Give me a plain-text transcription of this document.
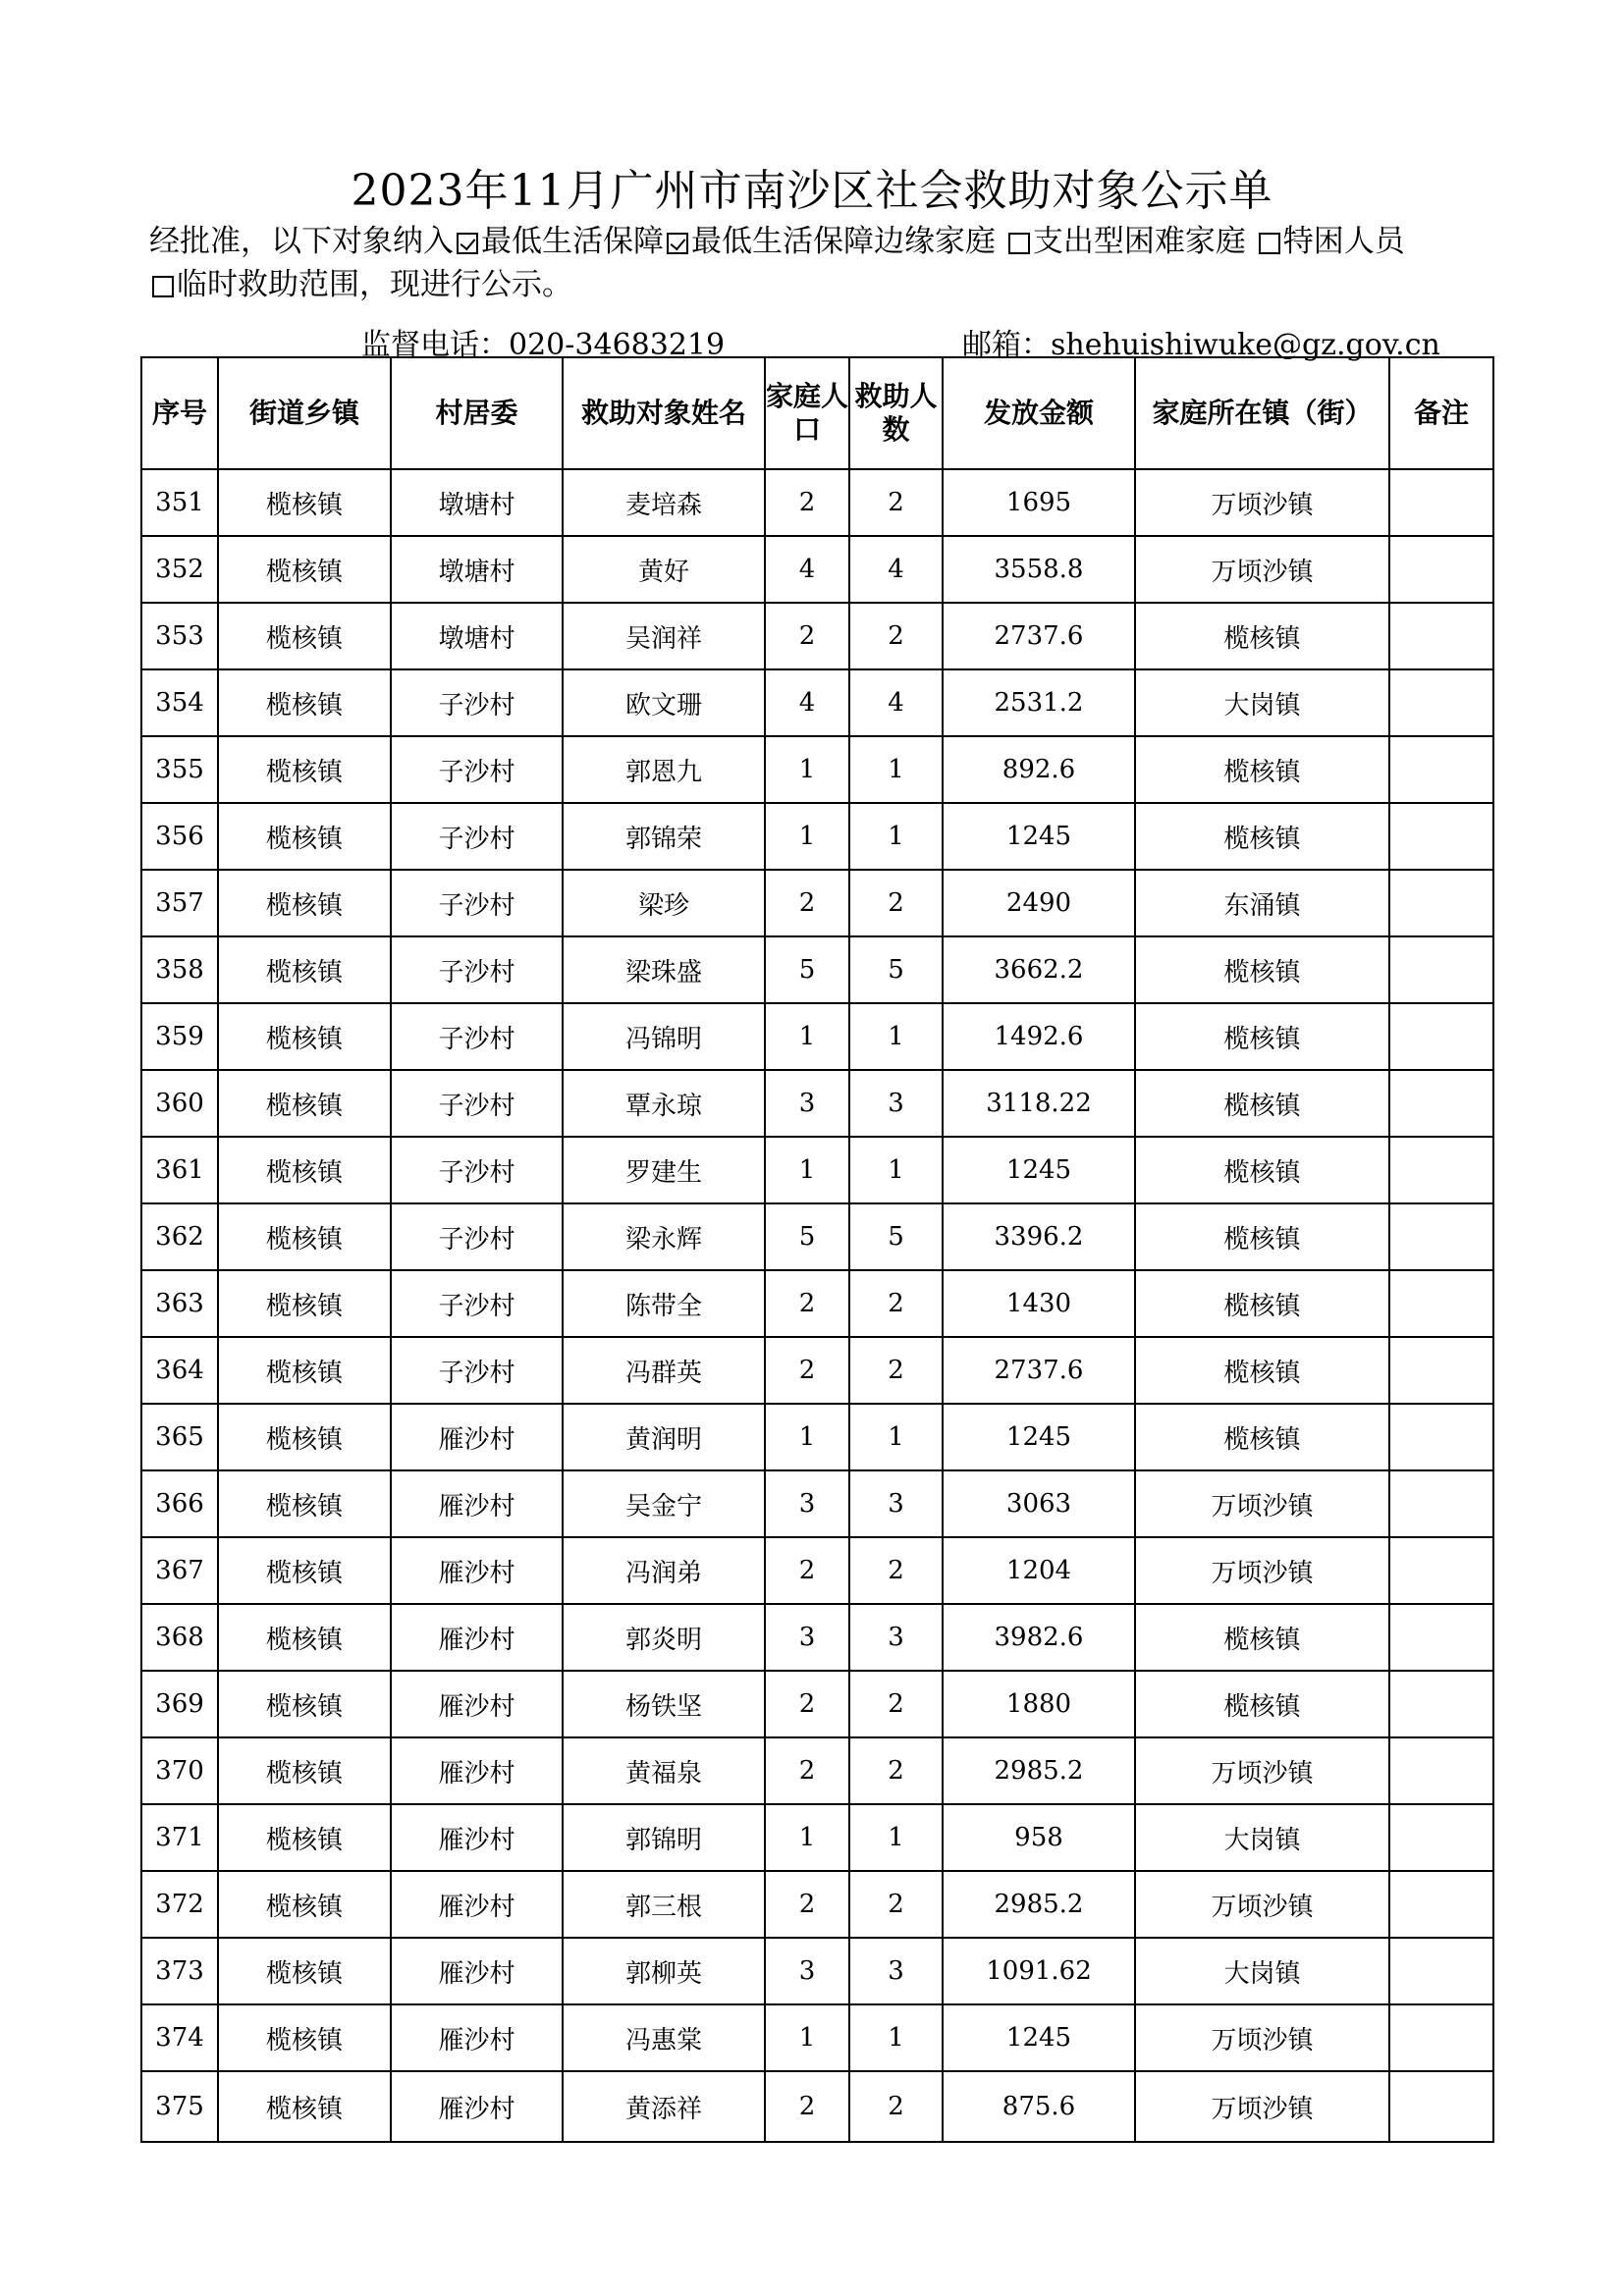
2023年11月广州市南沙区社会救助对象公示单
经批准，以下对象纳入 最低生活保障 最低生活保障边缘家庭 支出型困难家庭 特困人员
临时救助范围，现进行公示。
监督电话：020-34683219	邮箱：shehuishiwuke@gz.gov.cn
序号	街道乡镇	村居委	救助对象姓名	家庭人口	救助人数	发放金额	家庭所在镇（街）	备注
351	榄核镇	墩塘村	麦培森	2	2	1695	万顷沙镇	
352	榄核镇	墩塘村	黄好	4	4	3558.8	万顷沙镇	
353	榄核镇	墩塘村	吴润祥	2	2	2737.6	榄核镇	
354	榄核镇	子沙村	欧文珊	4	4	2531.2	大岗镇	
355	榄核镇	子沙村	郭恩九	1	1	892.6	榄核镇	
356	榄核镇	子沙村	郭锦荣	1	1	1245	榄核镇	
357	榄核镇	子沙村	梁珍	2	2	2490	东涌镇	
358	榄核镇	子沙村	梁珠盛	5	5	3662.2	榄核镇	
359	榄核镇	子沙村	冯锦明	1	1	1492.6	榄核镇	
360	榄核镇	子沙村	覃永琼	3	3	3118.22	榄核镇	
361	榄核镇	子沙村	罗建生	1	1	1245	榄核镇	
362	榄核镇	子沙村	梁永辉	5	5	3396.2	榄核镇	
363	榄核镇	子沙村	陈带全	2	2	1430	榄核镇	
364	榄核镇	子沙村	冯群英	2	2	2737.6	榄核镇	
365	榄核镇	雁沙村	黄润明	1	1	1245	榄核镇	
366	榄核镇	雁沙村	吴金宁	3	3	3063	万顷沙镇	
367	榄核镇	雁沙村	冯润弟	2	2	1204	万顷沙镇	
368	榄核镇	雁沙村	郭炎明	3	3	3982.6	榄核镇	
369	榄核镇	雁沙村	杨铁坚	2	2	1880	榄核镇	
370	榄核镇	雁沙村	黄福泉	2	2	2985.2	万顷沙镇	
371	榄核镇	雁沙村	郭锦明	1	1	958	大岗镇	
372	榄核镇	雁沙村	郭三根	2	2	2985.2	万顷沙镇	
373	榄核镇	雁沙村	郭柳英	3	3	1091.62	大岗镇	
374	榄核镇	雁沙村	冯惠棠	1	1	1245	万顷沙镇	
375	榄核镇	雁沙村	黄添祥	2	2	875.6	万顷沙镇	
